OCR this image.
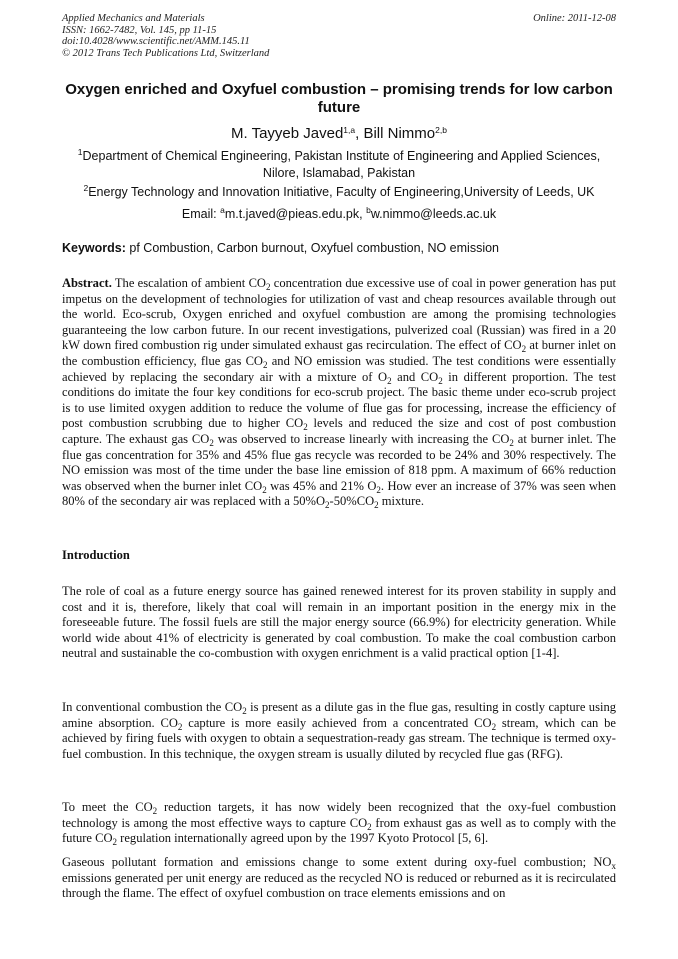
Applied Mechanics and Materials
ISSN: 1662-7482, Vol. 145, pp 11-15
doi:10.4028/www.scientific.net/AMM.145.11
© 2012 Trans Tech Publications Ltd, Switzerland
Online: 2011-12-08
Oxygen enriched and Oxyfuel combustion – promising trends for low carbon future
M. Tayyeb Javed$^{1,a}$, Bill Nimmo$^{2,b}$
$^1$Department of Chemical Engineering, Pakistan Institute of Engineering and Applied Sciences, Nilore, Islamabad, Pakistan
$^2$Energy Technology and Innovation Initiative, Faculty of Engineering,University of Leeds, UK
Email: $^a$m.t.javed@pieas.edu.pk, $^b$w.nimmo@leeds.ac.uk
Keywords: pf Combustion, Carbon burnout, Oxyfuel combustion, NO emission

Abstract. The escalation of ambient $CO_2$ concentration due excessive use of coal in power generation has put impetus on the development of technologies for utilization of vast and cheap resources available through out the world. Eco-scrub, Oxygen enriched and oxyfuel combustion are among the promising technologies guaranteeing the low carbon future. In our recent investigations, pulverized coal (Russian) was fired in a 20 kW down fired combustion rig under simulated exhaust gas recirculation. The effect of $CO_2$ at burner inlet on the combustion efficiency, flue gas $CO_2$ and NO emission was studied. The test conditions were essentially achieved by replacing the secondary air with a mixture of $O_2$ and $CO_2$ in different proportion. The test conditions do imitate the four key conditions for eco-scrub project. The basic theme under eco-scrub project is to use limited oxygen addition to reduce the volume of flue gas for processing, increase the efficiency of post combustion scrubbing due to higher $CO_2$ levels and reduced the size and cost of post combustion capture. The exhaust gas $CO_2$ was observed to increase linearly with increasing the $CO_2$ at burner inlet. The flue gas concentration for 35% and 45% flue gas recycle was recorded to be 24% and 30% respectively. The NO emission was most of the time under the base line emission of 818 ppm. A maximum of 66% reduction was observed when the burner inlet $CO_2$ was 45% and 21% $O_2$. How ever an increase of 37% was seen when 80% of the secondary air was replaced with a $50\%O_2-50\%CO_2$ mixture.

Introduction

The role of coal as a future energy source has gained renewed interest for its proven stability in supply and cost and it is, therefore, likely that coal will remain in an important position in the energy mix in the foreseeable future. The fossil fuels are still the major energy source (66.9%) for electricity generation. While world wide about 41% of electricity is generated by coal combustion. To make the coal combustion carbon neutral and sustainable the co-combustion with oxygen enrichment is a valid practical option [1-4].

In conventional combustion the $CO_2$ is present as a dilute gas in the flue gas, resulting in costly capture using amine absorption. $CO_2$ capture is more easily achieved from a concentrated $CO_2$ stream, which can be achieved by firing fuels with oxygen to obtain a sequestration-ready gas stream. The technique is termed oxy-fuel combustion. In this technique, the oxygen stream is usually diluted by recycled flue gas (RFG).

To meet the $CO_2$ reduction targets, it has now widely been recognized that the oxy-fuel combustion technology is among the most effective ways to capture $CO_2$ from exhaust gas as well as to comply with the future $CO_2$ regulation internationally agreed upon by the 1997 Kyoto Protocol [5, 6].

Gaseous pollutant formation and emissions change to some extent during oxy-fuel combustion; $NO_x$ emissions generated per unit energy are reduced as the recycled NO is reduced or reburned as it is recirculated through the flame. The effect of oxyfuel combustion on trace elements emissions and on
